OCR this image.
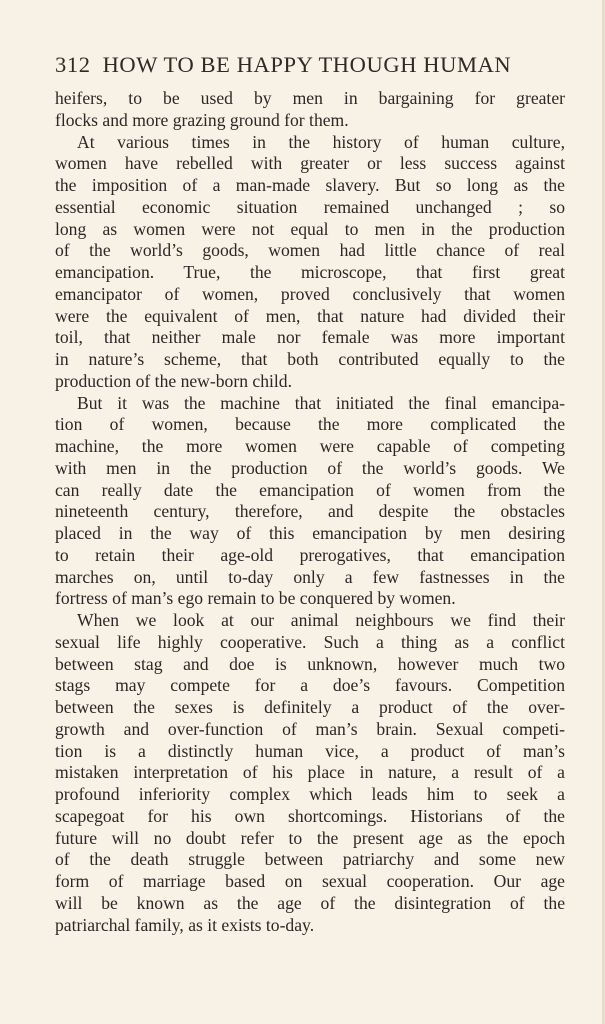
312 HOW TO BE HAPPY THOUGH HUMAN
heifers, to be used by men in bargaining for greater
flocks and more grazing ground for them.
At various times in the history of human culture,
women have rebelled with greater or less success against
the imposition of a man-made slavery. But so long as the
essential economic situation remained unchanged ; so
long as women were not equal to men in the production
of the world’s goods, women had little chance of real
emancipation. True, the microscope, that first great
emancipator of women, proved conclusively that women
were the equivalent of men, that nature had divided their
toil, that neither male nor female was more important
in nature’s scheme, that both contributed equally to the
production of the new-born child.
But it was the machine that initiated the final emancipa-
tion of women, because the more complicated the
machine, the more women were capable of competing
with men in the production of the world’s goods. We
can really date the emancipation of women from the
nineteenth century, therefore, and despite the obstacles
placed in the way of this emancipation by men desiring
to retain their age-old prerogatives, that emancipation
marches on, until to-day only a few fastnesses in the
fortress of man’s ego remain to be conquered by women.
When we look at our animal neighbours we find their
sexual life highly cooperative. Such a thing as a conflict
between stag and doe is unknown, however much two
stags may compete for a doe’s favours. Competition
between the sexes is definitely a product of the over-
growth and over-function of man’s brain. Sexual competi-
tion is a distinctly human vice, a product of man’s
mistaken interpretation of his place in nature, a result of a
profound inferiority complex which leads him to seek a
scapegoat for his own shortcomings. Historians of the
future will no doubt refer to the present age as the epoch
of the death struggle between patriarchy and some new
form of marriage based on sexual cooperation. Our age
will be known as the age of the disintegration of the
patriarchal family, as it exists to-day.
